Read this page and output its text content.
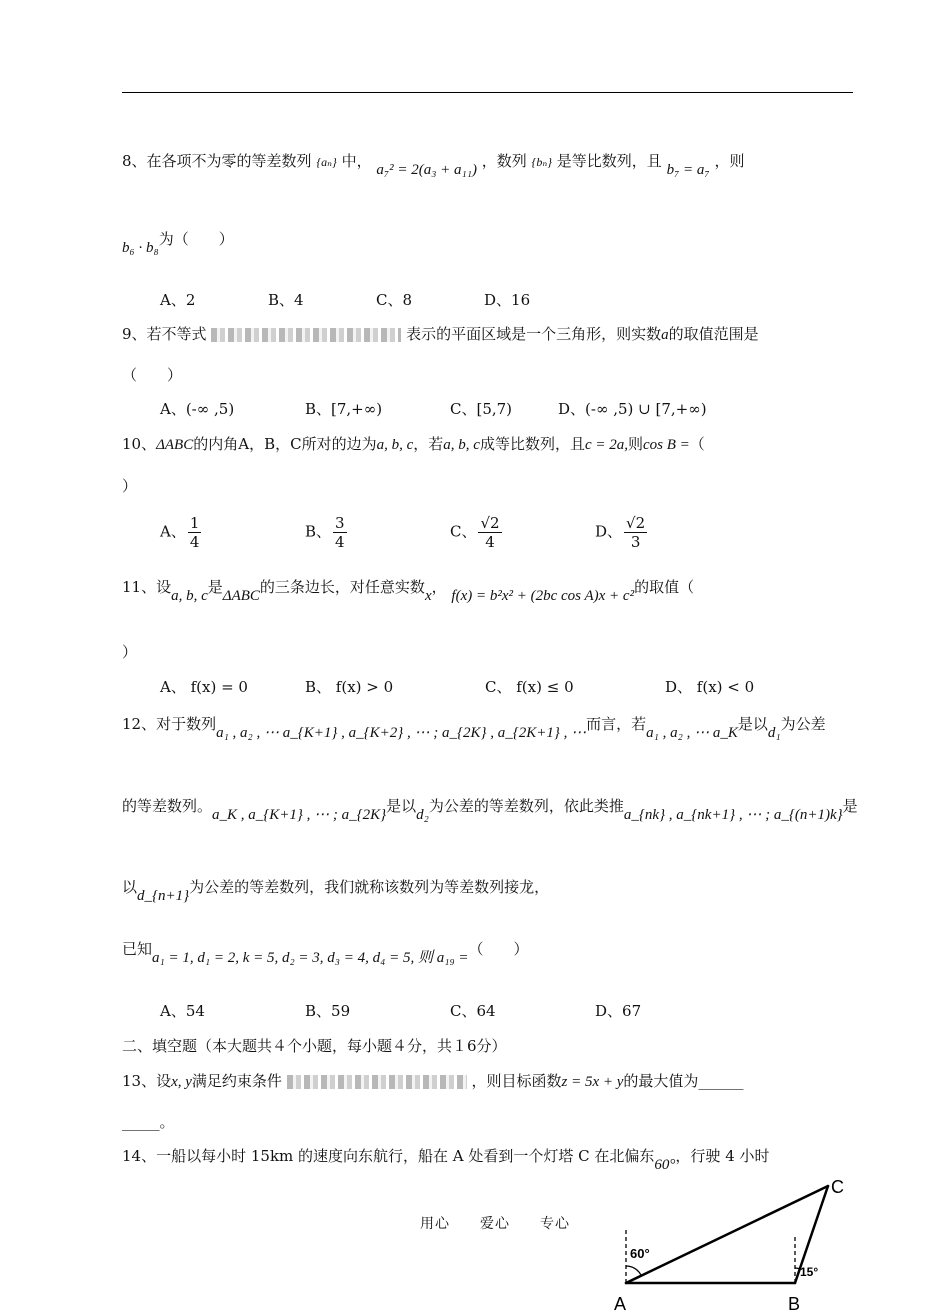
8、在各项不为零的等差数列 {aₙ} 中， a₇² = 2(a₃ + a₁₁) ，数列 {bₙ} 是等比数列，且 b₇ = a₇ ，则
b₆ · b₈为（　　）
A、2	B、4	C、8	D、16
9、若不等式	表示的平面区域是一个三角形，则实数a的取值范围是
（　　）
A、(-∞ ,5)	B、[7,+∞)	C、[5,7)	D、(-∞ ,5) ∪ [7,+∞)
10、ΔABC的内角A，B，C所对的边为a, b, c，若a, b, c成等比数列，且c = 2a,则cos B =（
）
A、 $\frac{1}{4}$	B、 $\frac{3}{4}$	C、 $\frac{√2}{4}$	D、 $\frac{√2}{3}$
11、设a, b, c是ΔABC的三条边长，对任意实数x， f(x) = b²x² + (2bc cos A)x + c²的取值（
）
A、 f(x) = 0	B、 f(x) > 0	C、 f(x) ≤ 0	D、 f(x) < 0
12、对于数列a₁ , a₂ , ⋯ a_{K+1} , a_{K+2} , ⋯ ; a_{2K} , a_{2K+1} , ⋯而言，若a₁ , a₂ , ⋯ a_K是以d₁为公差
的等差数列。a_K , a_{K+1} , ⋯ ; a_{2K}是以d₂为公差的等差数列，依此类推a_{nk} , a_{nk+1} , ⋯ ; a_{(n+1)k}是
以d_{n+1}为公差的等差数列，我们就称该数列为等差数列接龙，
已知a₁ = 1, d₁ = 2, k = 5, d₂ = 3, d₃ = 4, d₄ = 5, 则 a₁₉ =（　　）
A、54	B、59	C、64	D、67
二、填空题（本大题共４个小题，每小题４分，共１6分）
13、设x, y满足约束条件	，则目标函数z = 5x + y的最大值为______
_____。
14、一船以每小时 15km 的速度向东航行，船在 A 处看到一个灯塔 C 在北偏东60°，行驶 4 小时
用心　　爱心　　专心
60°
15°
A	B
C
